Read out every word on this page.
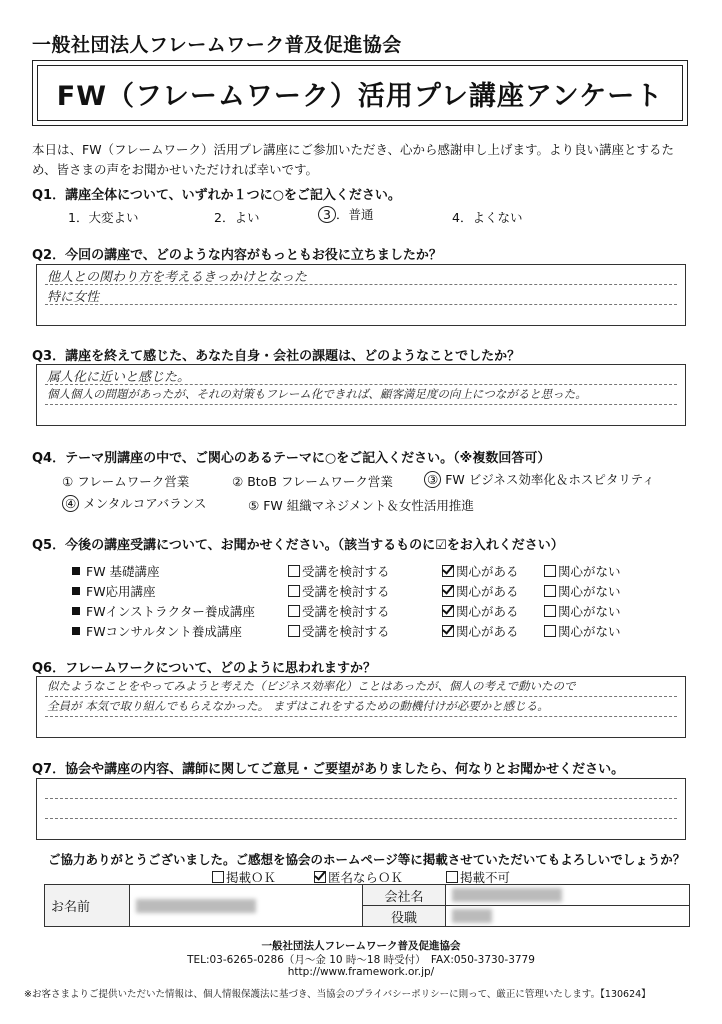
一般社団法人フレームワーク普及促進協会
FW（フレームワーク）活用プレ講座アンケート
本日は、FW（フレームワーク）活用プレ講座にご参加いただき、心から感謝申し上げます。より良い講座とするた
め、皆さまの声をお聞かせいただければ幸いです。
Q1．講座全体について、いずれか１つに○をご記入ください。
1．大変よい	2．よい	3 ．普通	4．よくない
Q2．今回の講座で、どのような内容がもっともお役に立ちましたか？
他人との関わり方を考えるきっかけとなった
特に女性
Q3．講座を終えて感じた、あなた自身・会社の課題は、どのようなことでしたか？
属人化に近いと感じた。
個人個人の問題があったが、それの対策もフレーム化できれば、顧客満足度の向上につながると思った。
Q4．テーマ別講座の中で、ご関心のあるテーマに○をご記入ください。（※複数回答可）
① フレームワーク営業	② BtoB フレームワーク営業	③ FW ビジネス効率化＆ホスピタリティ
④ メンタルコアバランス	⑤ FW 組織マネジメント＆女性活用推進
Q5．今後の講座受講について、お聞かせください。（該当するものに☑をお入れください）
FW 基礎講座	受講を検討する	関心がある	関心がない
FW応用講座	受講を検討する	関心がある	関心がない
FWインストラクター養成講座	受講を検討する	関心がある	関心がない
FWコンサルタント養成講座	受講を検討する	関心がある	関心がない
Q6．フレームワークについて、どのように思われますか？
似たようなことをやってみようと考えた（ビジネス効率化）ことはあったが、個人の考えで動いたので
全員が 本気で取り組んでもらえなかった。 まずはこれをするための動機付けが必要かと感じる。
Q7．協会や講座の内容、講師に関してご意見・ご要望がありましたら、何なりとお聞かせください。
ご協力ありがとうございました。ご感想を協会のホームページ等に掲載させていただいてもよろしいでしょうか？
掲載ＯＫ	匿名ならＯＫ	掲載不可
お名前		会社名	
		役職	
一般社団法人フレームワーク普及促進協会
TEL:03-6265-0286（月～金 10 時～18 時受付）　FAX:050-3730-3779
http://www.framework.or.jp/
※お客さまよりご提供いただいた情報は、個人情報保護法に基づき、当協会のプライバシーポリシーに則って、厳正に管理いたします。【130624】
